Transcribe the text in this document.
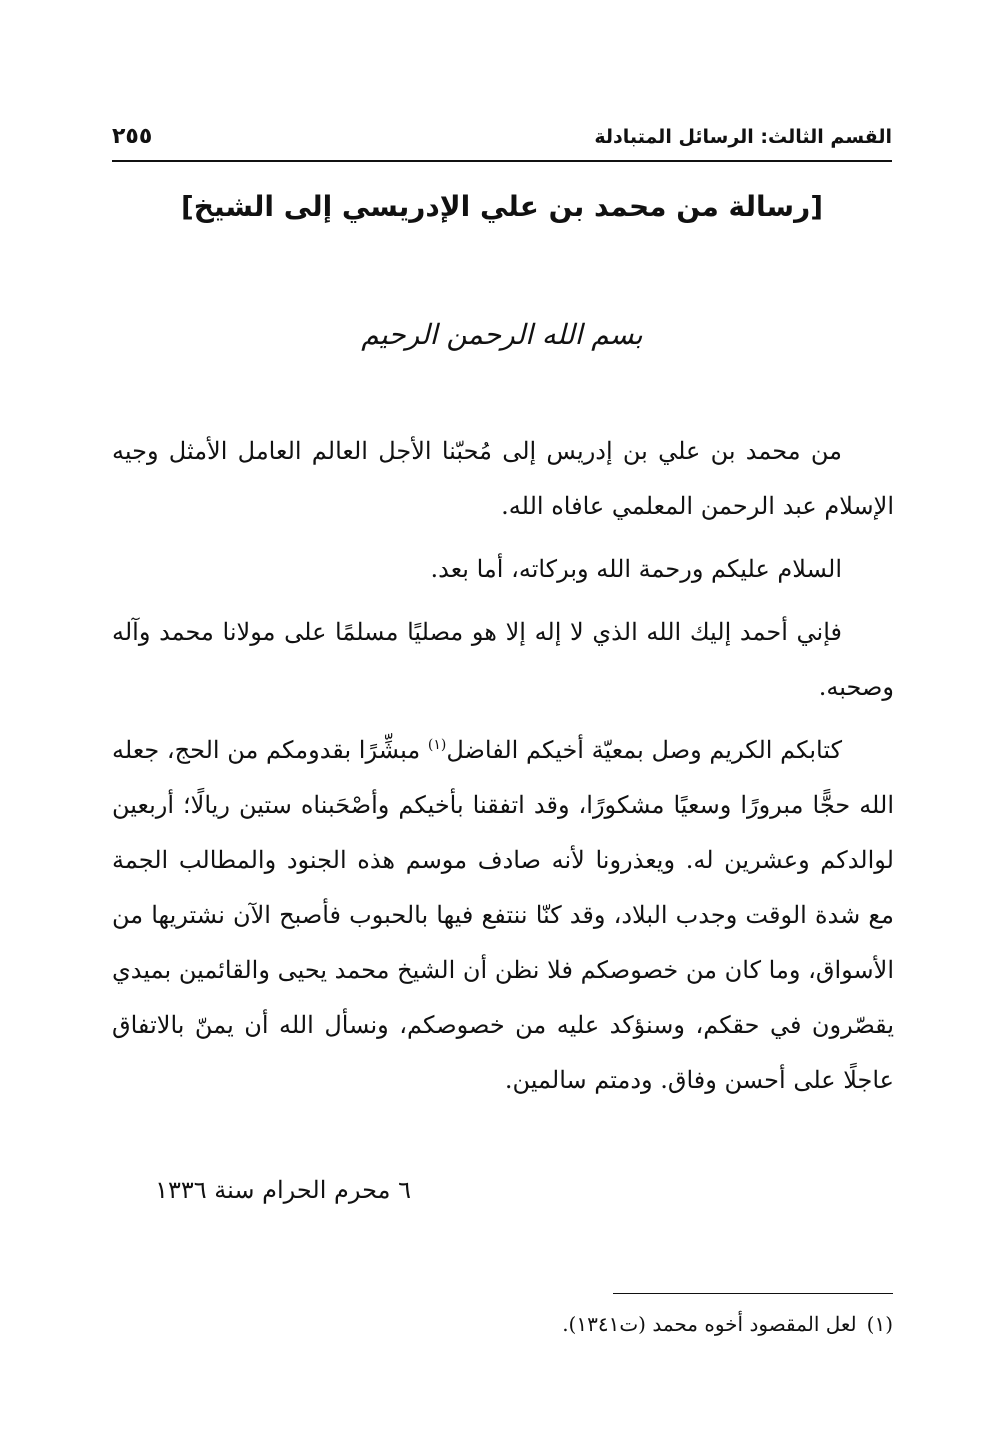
القسم الثالث: الرسائل المتبادلة
٢٥٥
[رسالة من محمد بن علي الإدريسي إلى الشيخ]
بسم الله الرحمن الرحيم

من محمد بن علي بن إدريس إلى مُحبّنا الأجل العالم العامل الأمثل وجيه الإسلام عبد الرحمن المعلمي عافاه الله.

السلام عليكم ورحمة الله وبركاته، أما بعد.

فإني أحمد إليك الله الذي لا إله إلا هو مصليًا مسلمًا على مولانا محمد وآله وصحبه.

كتابكم الكريم وصل بمعيّة أخيكم الفاضل$^{(١)}$ مبشِّرًا بقدومكم من الحج، جعله الله حجًّا مبرورًا وسعيًا مشكورًا، وقد اتفقنا بأخيكم وأصْحَبناه ستين ريالًا؛ أربعين لوالدكم وعشرين له. ويعذرونا لأنه صادف موسم هذه الجنود والمطالب الجمة مع شدة الوقت وجدب البلاد، وقد كنّا ننتفع فيها بالحبوب فأصبح الآن نشتريها من الأسواق، وما كان من خصوصكم فلا نظن أن الشيخ محمد يحيى والقائمين بميدي يقصّرون في حقكم، وسنؤكد عليه من خصوصكم، ونسأل الله أن يمنّ بالاتفاق عاجلًا على أحسن وفاق. ودمتم سالمين.

٦ محرم الحرام سنة ١٣٣٦
(١)لعل المقصود أخوه محمد (ت١٣٤١).
